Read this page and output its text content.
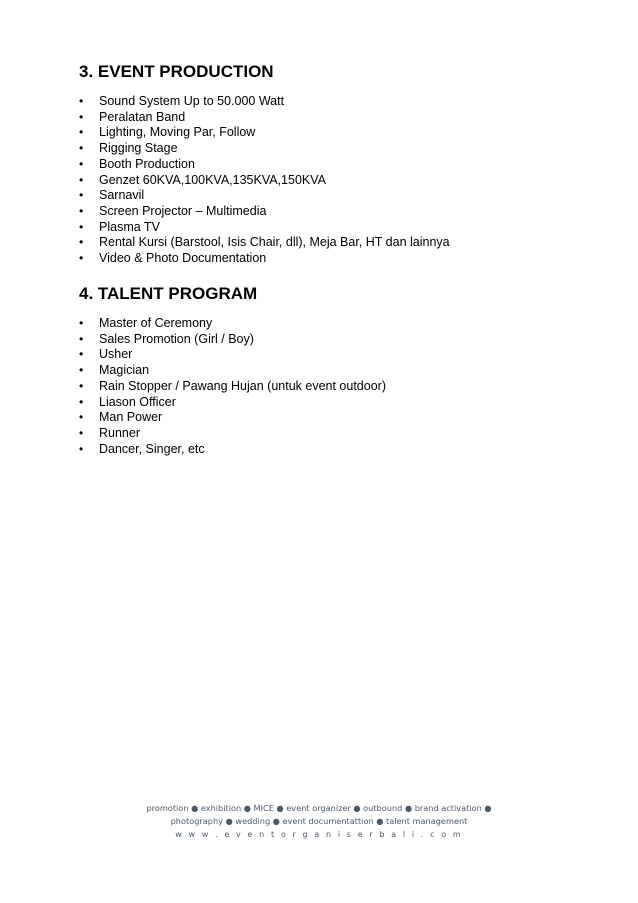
3. EVENT PRODUCTION
• Sound System Up to 50.000 Watt
• Peralatan Band
• Lighting, Moving Par, Follow
• Rigging Stage
• Booth Production
• Genzet 60KVA,100KVA,135KVA,150KVA
• Sarnavil
• Screen Projector – Multimedia
• Plasma TV
• Rental Kursi (Barstool, Isis Chair, dll), Meja Bar, HT dan lainnya
• Video & Photo Documentation
4. TALENT PROGRAM
• Master of Ceremony
• Sales Promotion (Girl / Boy)
• Usher
• Magician
• Rain Stopper / Pawang Hujan (untuk event outdoor)
• Liason Officer
• Man Power
• Runner
• Dancer, Singer, etc
promotion ● exhibition ● MICE ● event organizer ● outbound ● brand activation ●
photography ● wedding ● event documentattion ● talent management
w w w . e v e n t o r g a n i s e r b a l i . c o m
